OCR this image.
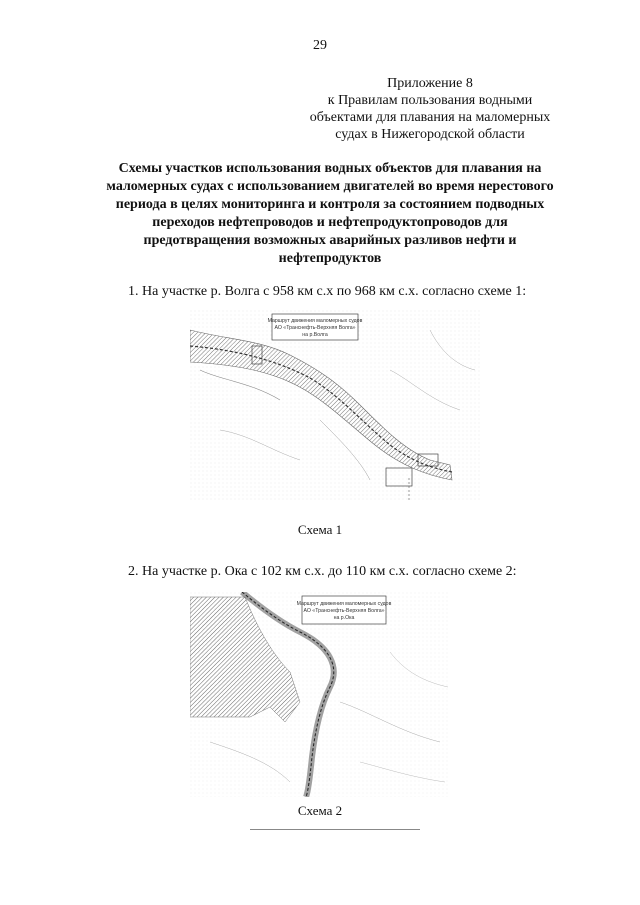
29
Приложение 8
к Правилам пользования водными
объектами для плавания на маломерных
судах в Нижегородской области
Схемы участков использования водных объектов для плавания на
маломерных судах с использованием двигателей во время нерестового
периода в целях мониторинга и контроля за состоянием подводных
переходов нефтепроводов и нефтепродуктопроводов для
предотвращения возможных аварийных разливов нефти и
нефтепродуктов
1. На участке р. Волга с 958 км с.х по 968 км с.х. согласно схеме 1:
Маршрут движения маломерных судов
АО «Транснефть-Верхняя Волга»
на р.Волга
Схема 1
2. На участке р. Ока с 102 км с.х. до 110 км с.х. согласно схеме 2:
Маршрут движения маломерных судов
АО «Транснефть-Верхняя Волга»
на р.Ока
Схема 2
